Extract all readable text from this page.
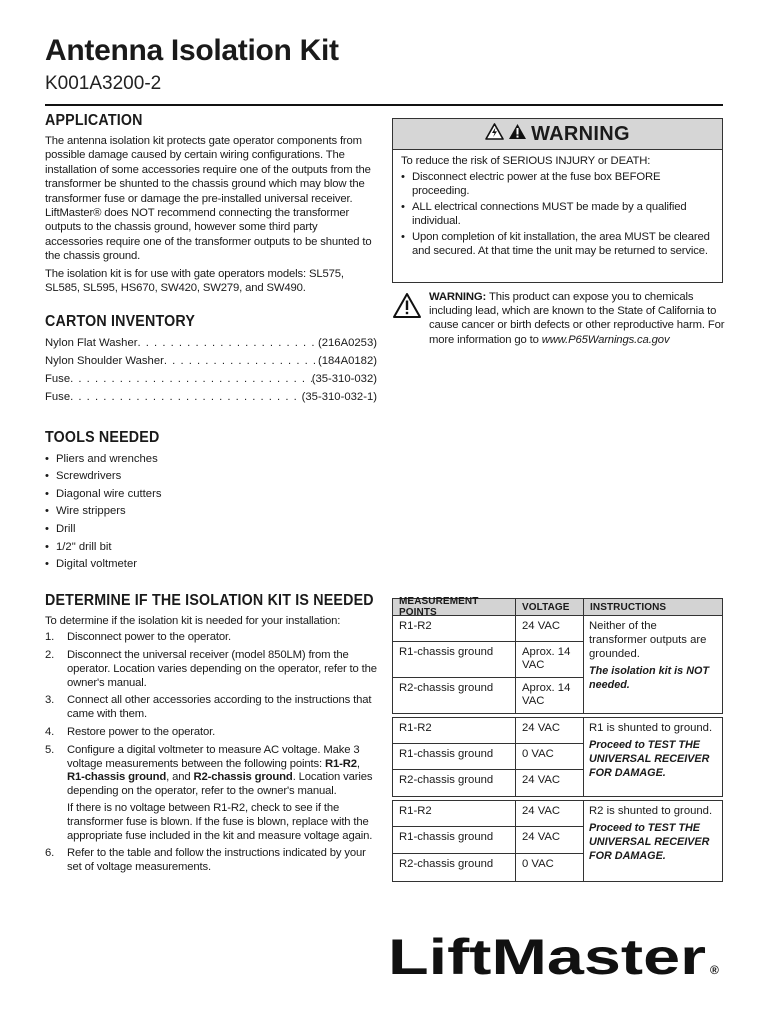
Antenna Isolation Kit
K001A3200-2
APPLICATION

The antenna isolation kit protects gate operator components from possible damage caused by certain wiring configurations. The installation of some accessories require one of the outputs from the transformer be shunted to the chassis ground which may blow the transformer fuse or damage the pre-installed universal receiver. LiftMaster® does NOT recommend connecting the transformer outputs to the chassis ground, however some third party accessories require one of the transformer outputs to be shunted to the chassis ground.

The isolation kit is for use with gate operators models: SL575, SL585, SL595, HS670, SW420, SW279, and SW490.

CARTON INVENTORY
Nylon Flat Washer . . .	(216A0253)
Nylon Shoulder Washer . . .	(184A0182)
Fuse . . .	(35-310-032)
Fuse . . .	(35-310-032-1)
TOOLS NEEDED
• Pliers and wrenches
• Screwdrivers
• Diagonal wire cutters
• Wire strippers
• Drill
• 1/2" drill bit
• Digital voltmeter
DETERMINE IF THE ISOLATION KIT IS NEEDED

To determine if the isolation kit is needed for your installation:

1. Disconnect power to the operator.
2. Disconnect the universal receiver (model 850LM) from the operator. Location varies depending on the operator, refer to the owner's manual.
3. Connect all other accessories according to the instructions that came with them.
4. Restore power to the operator.
5. Configure a digital voltmeter to measure AC voltage. Make 3 voltage measurements between the following points: R1-R2, R1-chassis ground, and R2-chassis ground. Location varies depending on the operator, refer to the owner's manual.
If there is no voltage between R1-R2, check to see if the transformer fuse is blown. If the fuse is blown, replace with the appropriate fuse included in the kit and measure voltage again.
6. Refer to the table and follow the instructions indicated by your set of voltage measurements.
WARNING
To reduce the risk of SERIOUS INJURY or DEATH:
• Disconnect electric power at the fuse box BEFORE proceeding.
• ALL electrical connections MUST be made by a qualified individual.
• Upon completion of kit installation, the area MUST be cleared and secured. At that time the unit may be returned to service.
WARNING: This product can expose you to chemicals including lead, which are known to the State of California to cause cancer or birth defects or other reproductive harm. For more information go to www.P65Warnings.ca.gov
MEASUREMENT POINTS	VOLTAGE	INSTRUCTIONS
R1-R2	24 VAC
R1-chassis ground	Aprox. 14 VAC
R2-chassis ground	Aprox. 14 VAC
Neither of the transformer outputs are grounded.
The isolation kit is NOT needed.
R1-R2	24 VAC
R1-chassis ground	0 VAC
R2-chassis ground	24 VAC
R1 is shunted to ground.
Proceed to TEST THE UNIVERSAL RECEIVER FOR DAMAGE.
R1-R2	24 VAC
R1-chassis ground	24 VAC
R2-chassis ground	0 VAC
R2 is shunted to ground.
Proceed to TEST THE UNIVERSAL RECEIVER FOR DAMAGE.
LiftMaster ®
